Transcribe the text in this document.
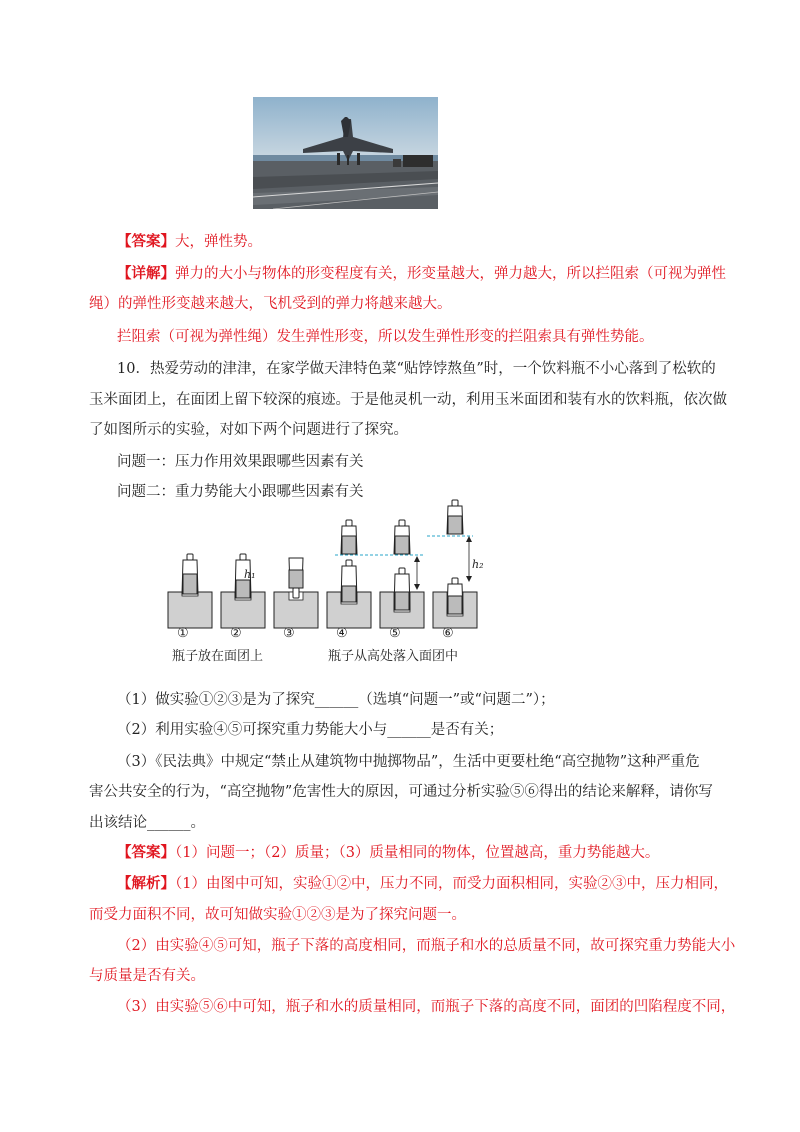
【答案】大，弹性势。
【详解】弹力的大小与物体的形变程度有关，形变量越大，弹力越大，所以拦阻索（可视为弹性
绳）的弹性形变越来越大，飞机受到的弹力将越来越大。
拦阻索（可视为弹性绳）发生弹性形变，所以发生弹性形变的拦阻索具有弹性势能。
10．热爱劳动的津津，在家学做天津特色菜“贴饽饽熬鱼”时，一个饮料瓶不小心落到了松软的
玉米面团上，在面团上留下较深的痕迹。于是他灵机一动，利用玉米面团和装有水的饮料瓶，依次做
了如图所示的实验，对如下两个问题进行了探究。
问题一：压力作用效果跟哪些因素有关
问题二：重力势能大小跟哪些因素有关
h₁
h₂
①	②	③	④	⑤	⑥
瓶子放在面团上	瓶子从高处落入面团中
（1）做实验①②③是为了探究______（选填“问题一”或“问题二”）；
（2）利用实验④⑤可探究重力势能大小与______是否有关；
（3）《民法典》中规定“禁止从建筑物中抛掷物品”，生活中更要杜绝“高空抛物”这种严重危
害公共安全的行为，“高空抛物”危害性大的原因，可通过分析实验⑤⑥得出的结论来解释，请你写
出该结论______。
【答案】（1）问题一；（2）质量；（3）质量相同的物体，位置越高，重力势能越大。
【解析】（1）由图中可知，实验①②中，压力不同，而受力面积相同，实验②③中，压力相同，
而受力面积不同，故可知做实验①②③是为了探究问题一。
（2）由实验④⑤可知，瓶子下落的高度相同，而瓶子和水的总质量不同，故可探究重力势能大小
与质量是否有关。
（3）由实验⑤⑥中可知，瓶子和水的质量相同，而瓶子下落的高度不同，面团的凹陷程度不同，
